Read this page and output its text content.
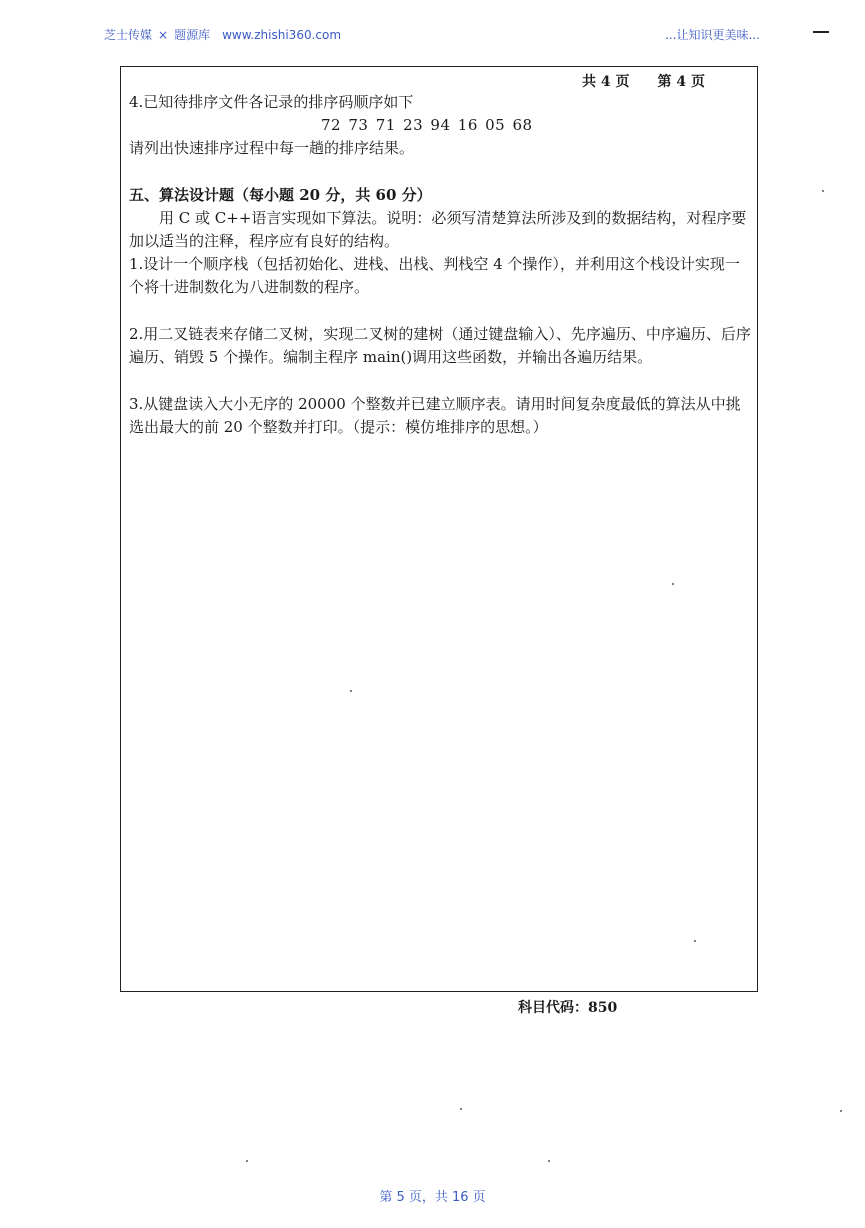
芝士传媒 × 题源库 www.zhishi360.com	...让知识更美味...
共 4 页 第 4 页

4.已知待排序文件各记录的排序码顺序如下

72 73 71 23 94 16 05 68

请列出快速排序过程中每一趟的排序结果。

五、算法设计题（每小题 20 分，共 60 分）

用 C 或 C++语言实现如下算法。说明：必须写清楚算法所涉及到的数据结构，对程序要加以适当的注释，程序应有良好的结构。

1.设计一个顺序栈（包括初始化、进栈、出栈、判栈空 4 个操作），并利用这个栈设计实现一个将十进制数化为八进制数的程序。

2.用二叉链表来存储二叉树，实现二叉树的建树（通过键盘输入）、先序遍历、中序遍历、后序遍历、销毁 5 个操作。编制主程序 main()调用这些函数，并输出各遍历结果。

3.从键盘读入大小无序的 20000 个整数并已建立顺序表。请用时间复杂度最低的算法从中挑选出最大的前 20 个整数并打印。（提示：模仿堆排序的思想。）

科目代码：850
第 5 页，共 16 页
